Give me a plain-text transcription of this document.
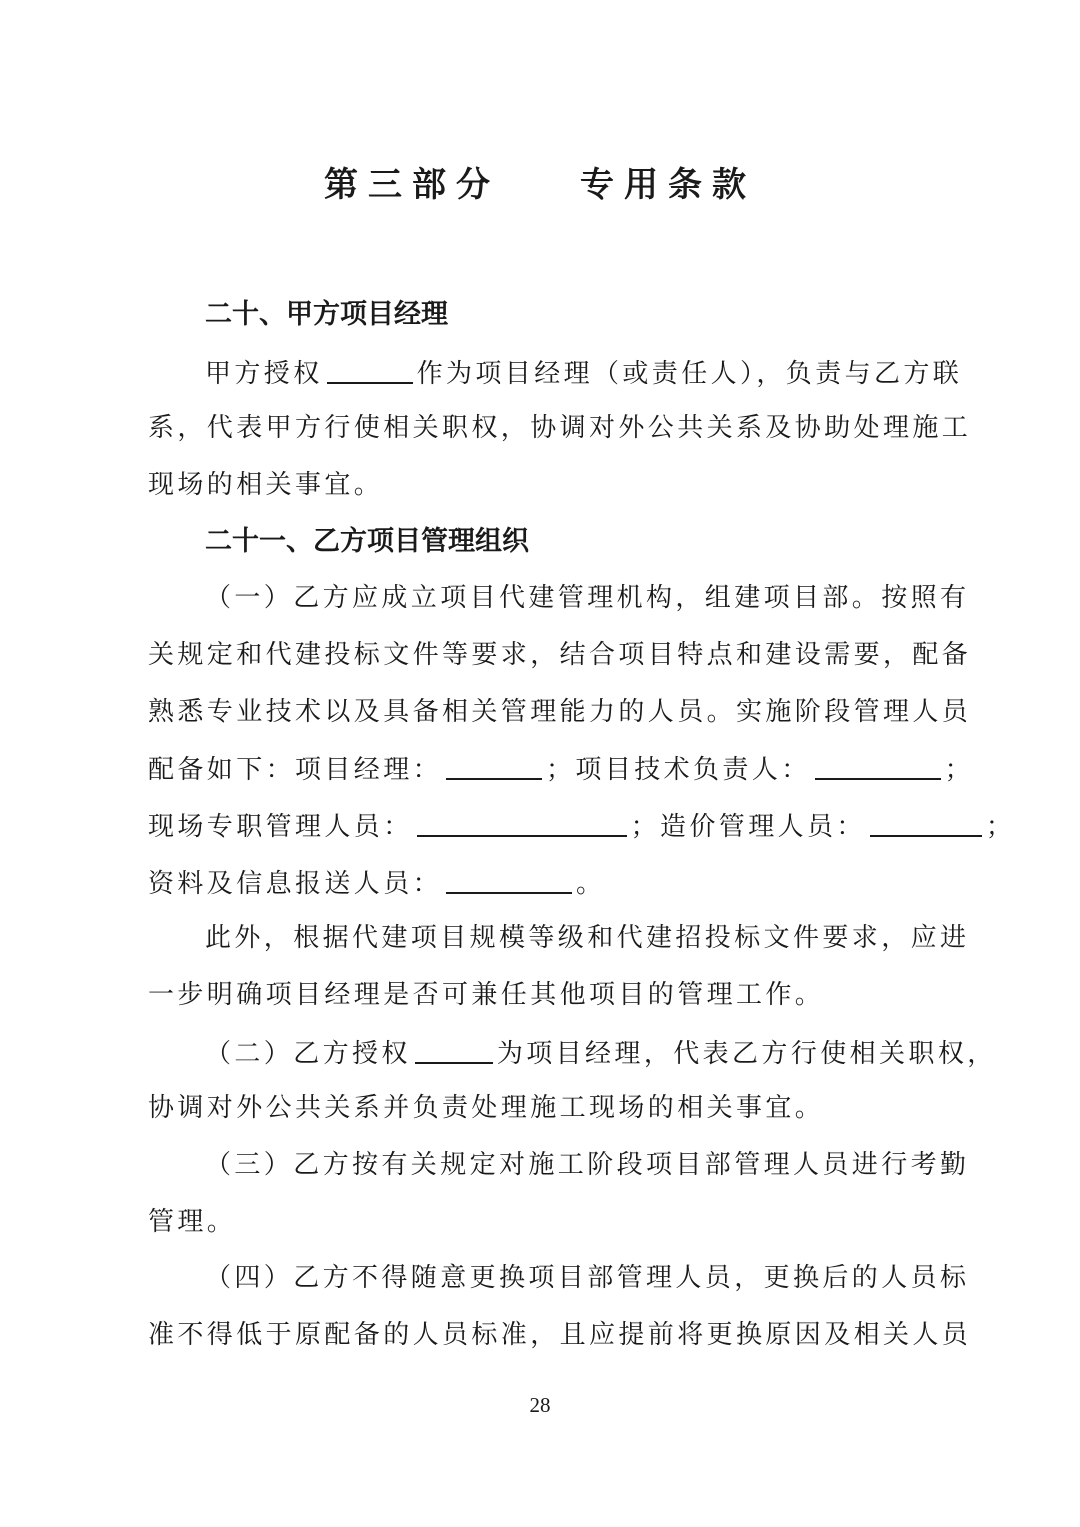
第三部分 专用条款
二十、甲方项目经理
甲方授权	作为项目经理（或责任人），负责与乙方联
系，代表甲方行使相关职权，协调对外公共关系及协助处理施工
现场的相关事宜。
二十一、乙方项目管理组织
（一）乙方应成立项目代建管理机构，组建项目部。按照有
关规定和代建投标文件等要求，结合项目特点和建设需要，配备
熟悉专业技术以及具备相关管理能力的人员。实施阶段管理人员
配备如下：项目经理：	；项目技术负责人：	；
现场专职管理人员：	；造价管理人员：	；
资料及信息报送人员：	。
此外，根据代建项目规模等级和代建招投标文件要求，应进
一步明确项目经理是否可兼任其他项目的管理工作。
（二）乙方授权	为项目经理，代表乙方行使相关职权，
协调对外公共关系并负责处理施工现场的相关事宜。
（三）乙方按有关规定对施工阶段项目部管理人员进行考勤
管理。
（四）乙方不得随意更换项目部管理人员，更换后的人员标
准不得低于原配备的人员标准，且应提前将更换原因及相关人员
28
